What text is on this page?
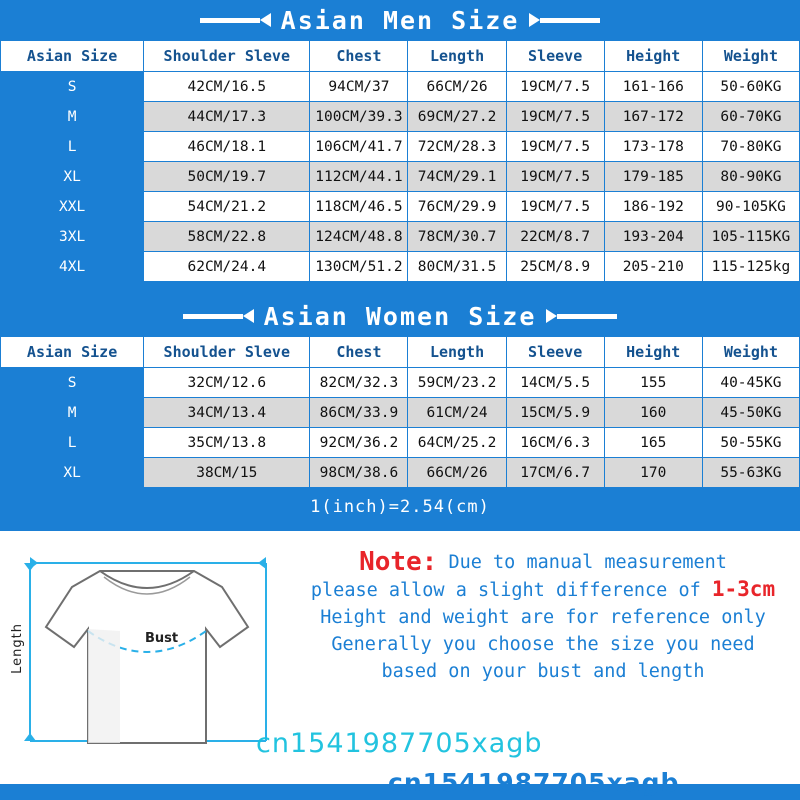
Asian Men Size
Asian Size	Shoulder Sleve	Chest	Length	Sleeve	Height	Weight
S	42CM/16.5	94CM/37	66CM/26	19CM/7.5	161-166	50-60KG
M	44CM/17.3	100CM/39.3	69CM/27.2	19CM/7.5	167-172	60-70KG
L	46CM/18.1	106CM/41.7	72CM/28.3	19CM/7.5	173-178	70-80KG
XL	50CM/19.7	112CM/44.1	74CM/29.1	19CM/7.5	179-185	80-90KG
XXL	54CM/21.2	118CM/46.5	76CM/29.9	19CM/7.5	186-192	90-105KG
3XL	58CM/22.8	124CM/48.8	78CM/30.7	22CM/8.7	193-204	105-115KG
4XL	62CM/24.4	130CM/51.2	80CM/31.5	25CM/8.9	205-210	115-125kg
Asian Women Size
Asian Size	Shoulder Sleve	Chest	Length	Sleeve	Height	Weight
S	32CM/12.6	82CM/32.3	59CM/23.2	14CM/5.5	155	40-45KG
M	34CM/13.4	86CM/33.9	61CM/24	15CM/5.9	160	45-50KG
L	35CM/13.8	92CM/36.2	64CM/25.2	16CM/6.3	165	50-55KG
XL	38CM/15	98CM/38.6	66CM/26	17CM/6.7	170	55-63KG
1(inch)=2.54(cm)
Length	Bust
Note: Due to manual measurement
please allow a slight difference of 1-3cm
Height and weight are for reference only
Generally you choose the size you need
based on your bust and length
cn1541987705xagb
cn1541987705xagb
